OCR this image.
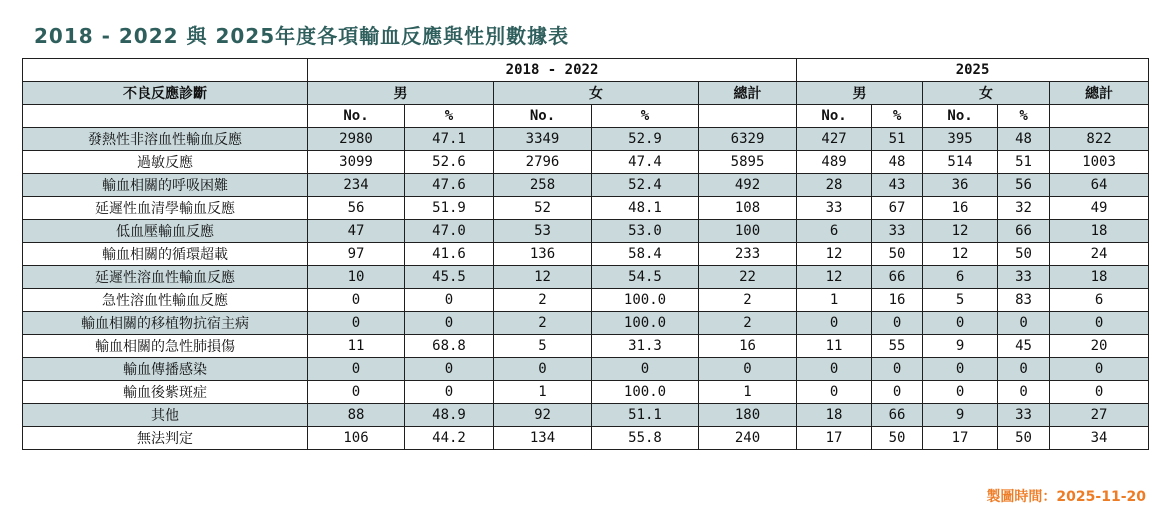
2018 - 2022 與 2025年度各項輸血反應與性別數據表
	2018 - 2022					2025				
不良反應診斷	男		女		總計	男		女		總計
	No.	%	No.	%		No.	%	No.	%	
發熱性非溶血性輸血反應	2980	47.1	3349	52.9	6329	427	51	395	48	822
過敏反應	3099	52.6	2796	47.4	5895	489	48	514	51	1003
輸血相關的呼吸困難	234	47.6	258	52.4	492	28	43	36	56	64
延遲性血清學輸血反應	56	51.9	52	48.1	108	33	67	16	32	49
低血壓輸血反應	47	47.0	53	53.0	100	6	33	12	66	18
輸血相關的循環超載	97	41.6	136	58.4	233	12	50	12	50	24
延遲性溶血性輸血反應	10	45.5	12	54.5	22	12	66	6	33	18
急性溶血性輸血反應	0	0	2	100.0	2	1	16	5	83	6
輸血相關的移植物抗宿主病	0	0	2	100.0	2	0	0	0	0	0
輸血相關的急性肺損傷	11	68.8	5	31.3	16	11	55	9	45	20
輸血傳播感染	0	0	0	0	0	0	0	0	0	0
輸血後紫斑症	0	0	1	100.0	1	0	0	0	0	0
其他	88	48.9	92	51.1	180	18	66	9	33	27
無法判定	106	44.2	134	55.8	240	17	50	17	50	34
製圖時間：2025-11-20
